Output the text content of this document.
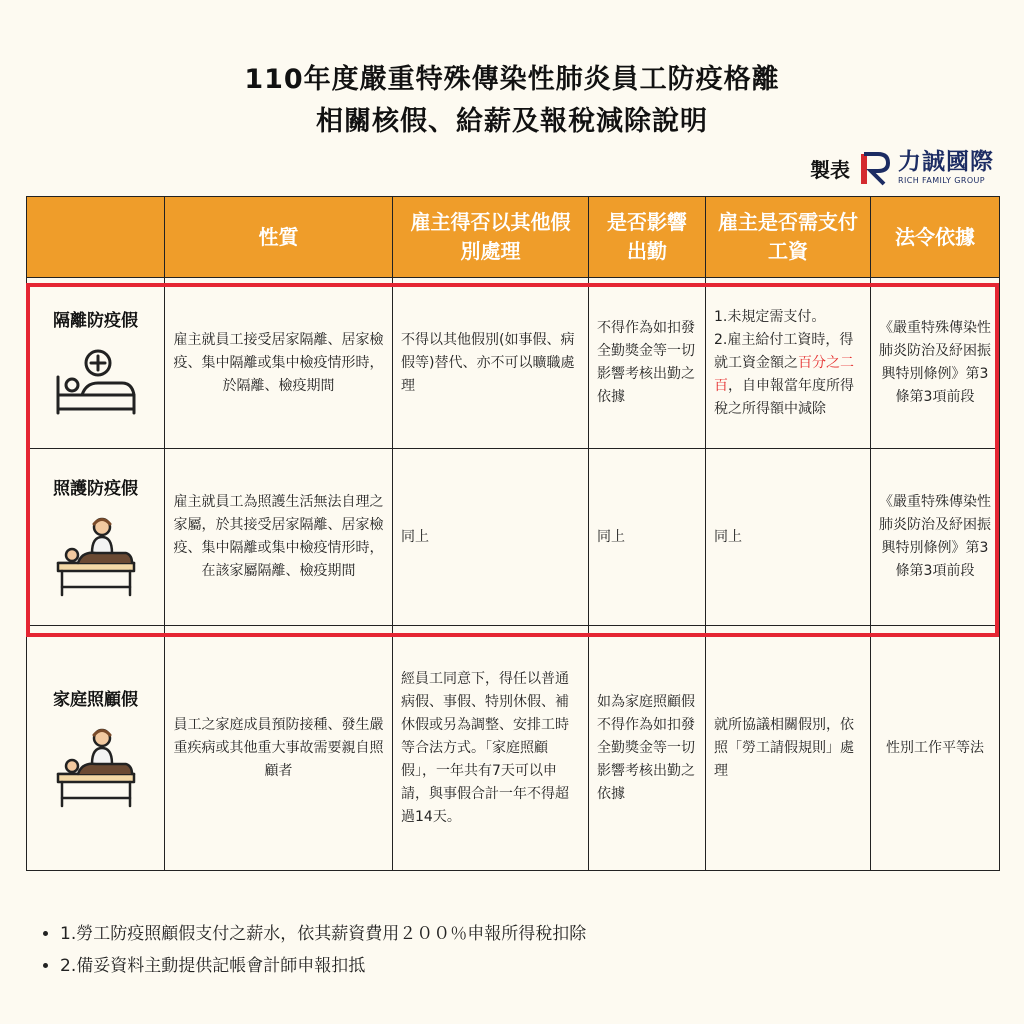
110年度嚴重特殊傳染性肺炎員工防疫格離
相關核假、給薪及報稅減除說明
製表 力誠國際
RICH FAMILY GROUP
	性質	雇主得否以其他假別處理	是否影響出勤	雇主是否需支付工資	法令依據

隔離防疫假	雇主就員工接受居家隔離、居家檢疫、集中隔離或集中檢疫情形時，於隔離、檢疫期間	不得以其他假別(如事假、病假等)替代、亦不可以曠職處理	不得作為如扣發全勤獎金等一切影響考核出勤之依據	1.未規定需支付。
2.雇主給付工資時，得就工資金額之百分之二百，自申報當年度所得稅之所得額中減除	《嚴重特殊傳染性肺炎防治及紓困振興特別條例》第3條第3項前段

照護防疫假	雇主就員工為照護生活無法自理之家屬，於其接受居家隔離、居家檢疫、集中隔離或集中檢疫情形時，在該家屬隔離、檢疫期間	同上	同上	同上	《嚴重特殊傳染性肺炎防治及紓困振興特別條例》第3條第3項前段

家庭照顧假	員工之家庭成員預防接種、發生嚴重疾病或其他重大事故需要親自照顧者	經員工同意下，得任以普通病假、事假、特別休假、補休假或另為調整、安排工時等合法方式。「家庭照顧假」，一年共有7天可以申請，與事假合計一年不得超過14天。	如為家庭照顧假不得作為如扣發全勤獎金等一切影響考核出勤之依據	就所協議相關假別，依照「勞工請假規則」處理	性別工作平等法
• 1.勞工防疫照顧假支付之薪水，依其薪資費用２００％申報所得稅扣除
• 2.備妥資料主動提供記帳會計師申報扣抵
